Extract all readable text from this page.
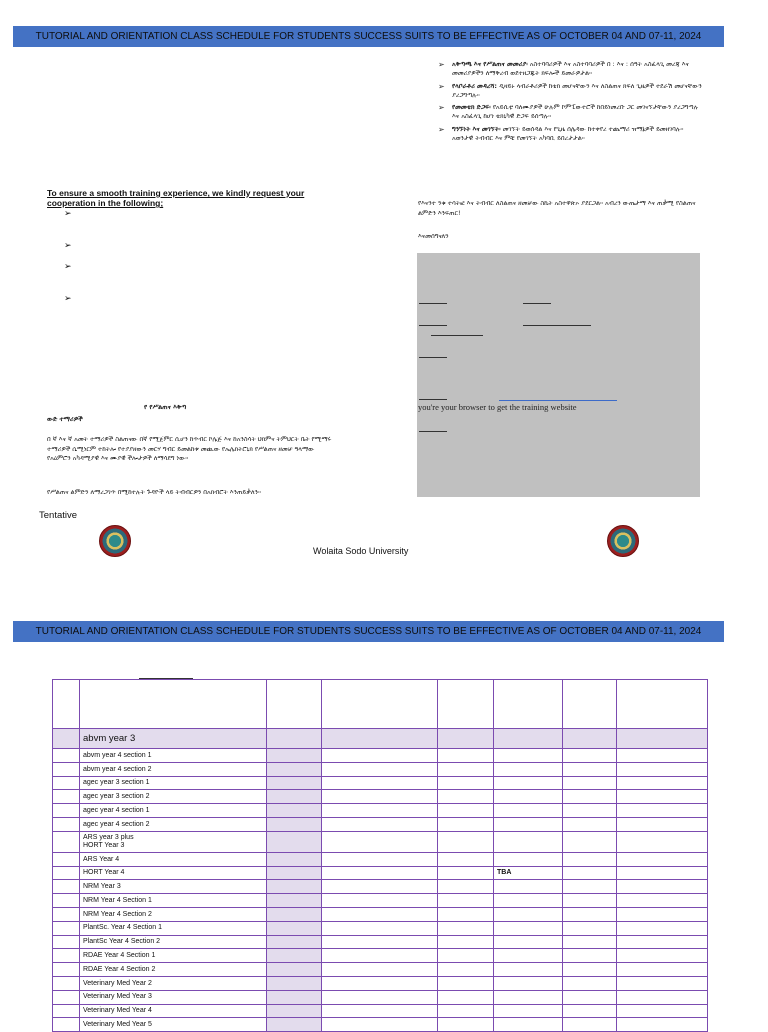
TUTORIAL AND ORIENTATION CLASS SCHEDULE FOR STUDENTS SUCCESS SUITS TO BE EFFECTIVE AS OF OCTOBER 04 AND 07-11, 2024
➢ አቅጣጫ እና የሥልጠና መመሪያ፡ አስተባባሪዎች እና አስተባባሪዎች በ : እና : ሰዓት አስፈላጊ መረጃ እና መመሪያዎችን ለማቅረብ ወደተዘጋጁት ክፍሎች ይመራዎታል።
➢ የላቦራቶሪ መዳረሻ: ዲዛይኑ ላብራቶሪዎች ከቴክ መሆናቸውን እና ለስልጠና ክፍለ ጊዜዎች ተደራሽ መሆናቸውን ያረጋግጣሉ።
➢ የመመቴክ ድጋፍ፡ የአይሲቲ ባለሙያዎች ሁሉም ኮምፒውተሮች ከበይነመረቡ ጋር መገናኘታቸውን ያረጋግጣሉ እና አስፈላጊ ከሆነ ቴክኒካዊ ድጋፍ ይሰጣሉ።
➢ ግንኙነት እና መገኘት፡ መገኘት ይወሰዳል እና የጊዜ ሰሌዳው ከተቀየረ ተጨማሪ ዝማኔዎች ይመዘገባሉ። አወንታዊ ትብብር እና ምቹ የመገኘት አካባቢ ይበረታታል።
To ensure a smooth training experience, we kindly request your cooperation in the following;
➢
➢
➢
➢
የእናንተ ንቁ ተሳትፎ እና ትብብር ለስልጠና ዘመቻው ስኬት አስተዋጽኦ ያደርጋል። አብረን ውጤታማ እና ጠቃሚ የስልጠና ልምድን እንፍጠር!
እናመሰግናለን
you're your browser to get the training website
የ የሥልጠና እቅጣ
ውድ ተማሪዎች
በ ኛ እና ኛ አመት ተማሪዎች ስልጠናው በኛ የሚጀምር ሲሆን ከጥብር ኮሌጅ እና ከአንስሳት ህክምና ትምህርት ቤት የሚማሩ ተማሪዎች ሴሚነርም ተከትሎ የተያያዘውን መርሃ ግብር ይመልከቱ መጪው የኤሌክትሮኒክ የሥልጠና ዘመቻ ዓላማው የአዕምሮን አካዳሚያዊ እና ሙያዊ ችሎታዎች ለማሳደግ ነው።
የሥልጠና ልምድን ለማረጋገጥ በሚከተሉት ጉዳዮች ላይ ትብብርዎን በአክብሮት እንጠይቃለን።
Tentative
Wolaita Sodo University
TUTORIAL AND ORIENTATION CLASS SCHEDULE FOR STUDENTS SUCCESS SUITS TO BE EFFECTIVE AS OF OCTOBER 04 AND 07-11, 2024

	abvm year 3						
	abvm year 4 section 1						
	abvm year 4 section 2						
	agec year 3 section 1						
	agec year 3 section 2						
	agec year 4 section 1						
	agec year 4 section 2						
	ARS year 3 plus
HORT Year 3						
	ARS Year 4						
	HORT Year 4				TBA		
	NRM Year 3						
	NRM Year 4 Section 1						
	NRM Year 4 Section 2						
	PlantSc. Year 4 Section 1						
	PlantSc Year 4 Section 2						
	RDAE Year 4 Section 1						
	RDAE Year 4 Section 2						
	Veterinary Med Year 2						
	Veterinary Med Year 3						
	Veterinary Med Year 4						
	Veterinary Med Year 5						
